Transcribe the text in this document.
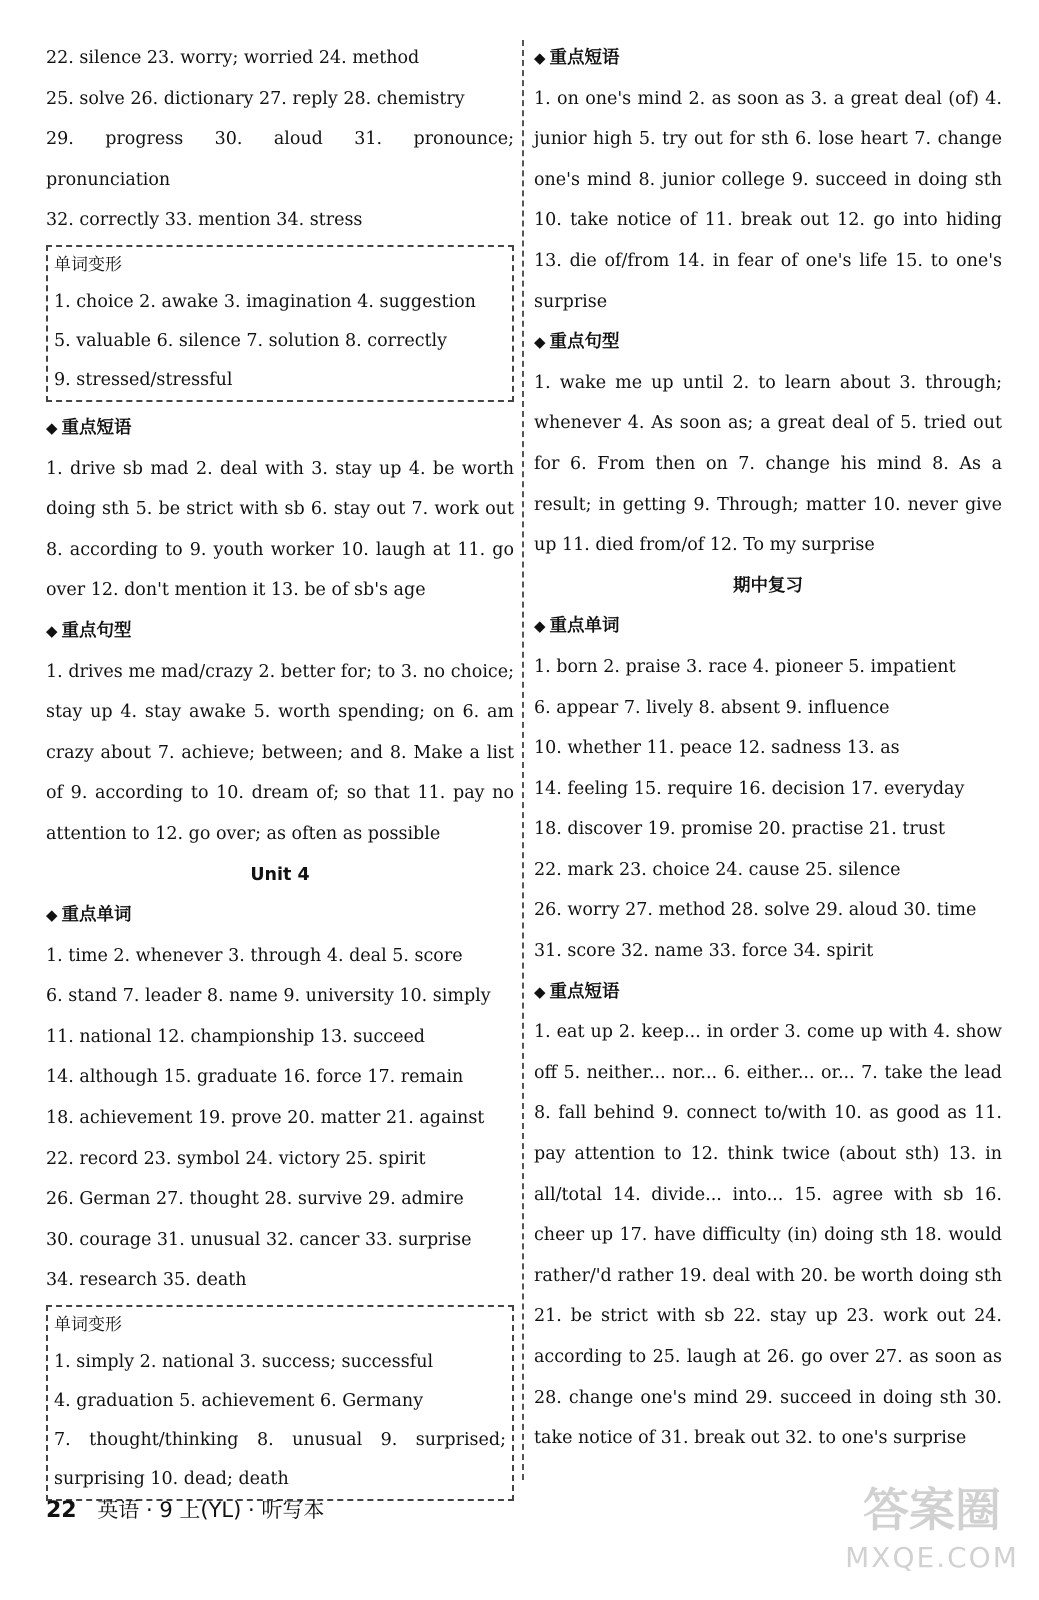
22. silence 23. worry; worried 24. method

25. solve 26. dictionary 27. reply 28. chemistry

29. progress 30. aloud 31. pronounce; pronunciation

32. correctly 33. mention 34. stress

单词变形

1. choice 2. awake 3. imagination 4. suggestion

5. valuable 6. silence 7. solution 8. correctly

9. stressed/stressful

◆ 重点短语

1. drive sb mad 2. deal with 3. stay up 4. be worth doing sth 5. be strict with sb 6. stay out 7. work out 8. according to 9. youth worker 10. laugh at 11. go over 12. don't mention it 13. be of sb's age

◆ 重点句型

1. drives me mad/crazy 2. better for; to 3. no choice; stay up 4. stay awake 5. worth spending; on 6. am crazy about 7. achieve; between; and 8. Make a list of 9. according to 10. dream of; so that 11. pay no attention to 12. go over; as often as possible

Unit 4

◆ 重点单词

1. time 2. whenever 3. through 4. deal 5. score

6. stand 7. leader 8. name 9. university 10. simply

11. national 12. championship 13. succeed

14. although 15. graduate 16. force 17. remain

18. achievement 19. prove 20. matter 21. against

22. record 23. symbol 24. victory 25. spirit

26. German 27. thought 28. survive 29. admire

30. courage 31. unusual 32. cancer 33. surprise

34. research 35. death

单词变形

1. simply 2. national 3. success; successful

4. graduation 5. achievement 6. Germany

7. thought/thinking 8. unusual 9. surprised; surprising 10. dead; death

◆ 重点短语

1. on one's mind 2. as soon as 3. a great deal (of) 4. junior high 5. try out for sth 6. lose heart 7. change one's mind 8. junior college 9. succeed in doing sth 10. take notice of 11. break out 12. go into hiding 13. die of/from 14. in fear of one's life 15. to one's surprise

◆ 重点句型

1. wake me up until 2. to learn about 3. through; whenever 4. As soon as; a great deal of 5. tried out for 6. From then on 7. change his mind 8. As a result; in getting 9. Through; matter 10. never give up 11. died from/of 12. To my surprise

期中复习

◆ 重点单词

1. born 2. praise 3. race 4. pioneer 5. impatient

6. appear 7. lively 8. absent 9. influence

10. whether 11. peace 12. sadness 13. as

14. feeling 15. require 16. decision 17. everyday

18. discover 19. promise 20. practise 21. trust

22. mark 23. choice 24. cause 25. silence

26. worry 27. method 28. solve 29. aloud 30. time

31. score 32. name 33. force 34. spirit

◆ 重点短语

1. eat up 2. keep... in order 3. come up with 4. show off 5. neither... nor... 6. either... or... 7. take the lead 8. fall behind 9. connect to/with 10. as good as 11. pay attention to 12. think twice (about sth) 13. in all/total 14. divide... into... 15. agree with sb 16. cheer up 17. have difficulty (in) doing sth 18. would rather/'d rather 19. deal with 20. be worth doing sth 21. be strict with sb 22. stay up 23. work out 24. according to 25. laugh at 26. go over 27. as soon as 28. change one's mind 29. succeed in doing sth 30. take notice of 31. break out 32. to one's surprise

22 英语 · 9 上(YL) · 听写本	答案圈
MXQE.COM
